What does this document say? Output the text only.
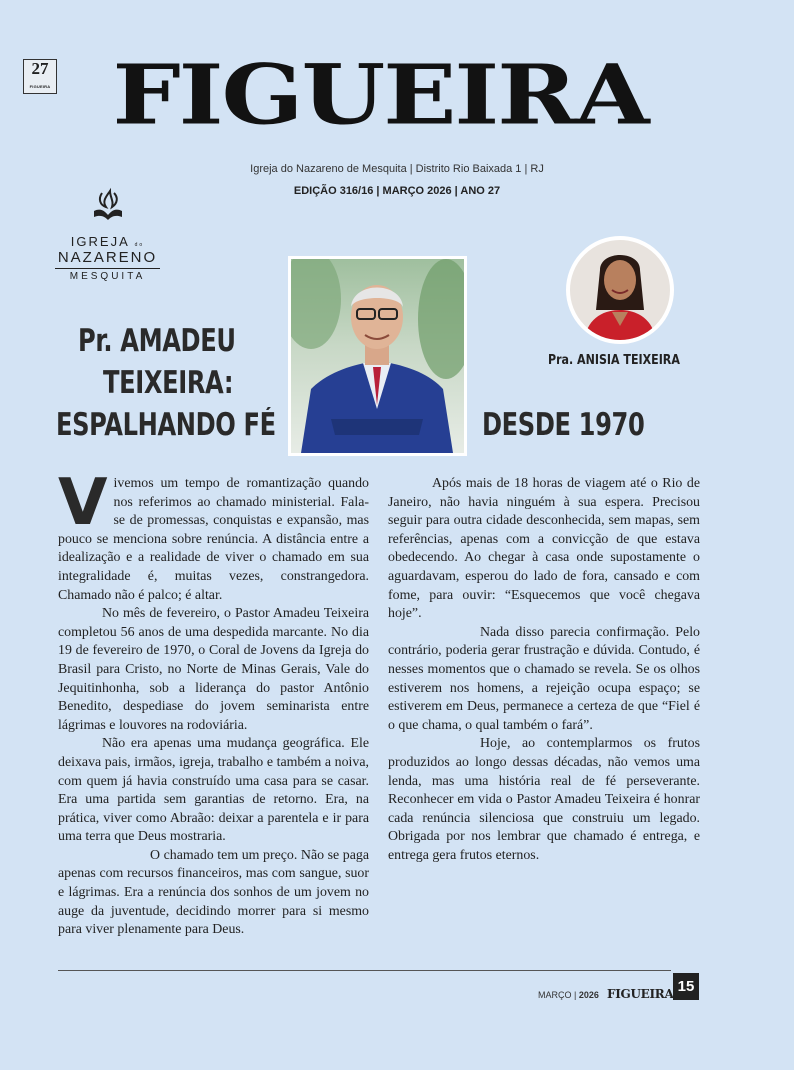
27
FIGUEIRA FIGUEIRA
Igreja do Nazareno de Mesquita | Distrito Rio Baixada 1 | RJ
EDIÇÃO 316/16 | MARÇO 2026 | ANO 27
IGREJA do
NAZARENO
MESQUITA
Pr. AMADEU
TEIXEIRA:
ESPALHANDO FÉ	DESDE 1970
Pra. ANISIA TEIXEIRA

Vivemos um tempo de romantização quando nos referimos ao chamado ministerial. Fala-se de promessas, conquistas e expansão, mas pouco se menciona sobre renúncia. A distância entre a idealização e a realidade de viver o chamado em sua integralidade é, muitas vezes, constrangedora. Chamado não é palco; é altar.

No mês de fevereiro, o Pastor Amadeu Teixeira completou 56 anos de uma despedida marcante. No dia 19 de fevereiro de 1970, o Coral de Jovens da Igreja do Brasil para Cristo, no Norte de Minas Gerais, Vale do Jequitinhonha, sob a liderança do pastor Antônio Benedito, despediase do jovem seminarista entre lágrimas e louvores na rodoviária.

Não era apenas uma mudança geográfica. Ele deixava pais, irmãos, igreja, trabalho e também a noiva, com quem já havia construído uma casa para se casar. Era uma partida sem garantias de retorno. Era, na prática, viver como Abraão: deixar a parentela e ir para uma terra que Deus mostraria.

O chamado tem um preço. Não se paga apenas com recursos financeiros, mas com sangue, suor e lágrimas. Era a renúncia dos sonhos de um jovem no auge da juventude, decidindo morrer para si mesmo para viver plenamente para Deus.

MARÇO | 2026 FIGUEIRA 15

Após mais de 18 horas de viagem até o Rio de Janeiro, não havia ninguém à sua espera. Precisou seguir para outra cidade desconhecida, sem mapas, sem referências, apenas com a convicção de que estava obedecendo. Ao chegar à casa onde supostamente o aguardavam, esperou do lado de fora, cansado e com fome, para ouvir: “Esquecemos que você chegava hoje”.

Nada disso parecia confirmação. Pelo contrário, poderia gerar frustração e dúvida. Contudo, é nesses momentos que o chamado se revela. Se os olhos estiverem nos homens, a rejeição ocupa espaço; se estiverem em Deus, permanece a certeza de que “Fiel é o que chama, o qual também o fará”.

Hoje, ao contemplarmos os frutos produzidos ao longo dessas décadas, não vemos uma lenda, mas uma história real de fé perseverante. Reconhecer em vida o Pastor Amadeu Teixeira é honrar cada renúncia silenciosa que construiu um legado. Obrigada por nos lembrar que chamado é entrega, e entrega gera frutos eternos.
